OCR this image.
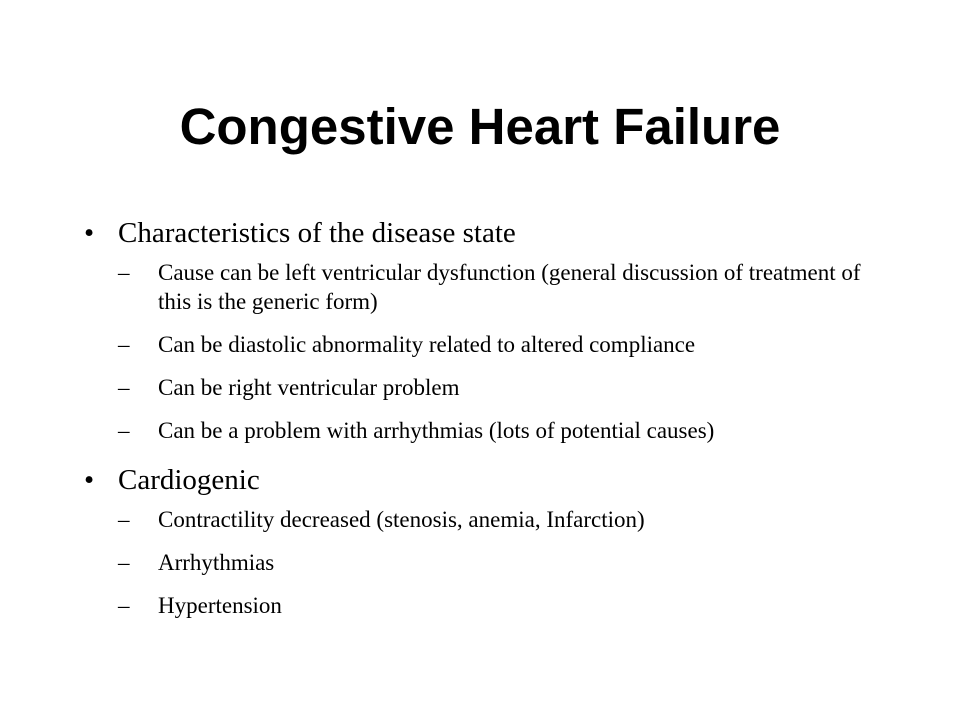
Congestive Heart Failure
• Characteristics of the disease state
– Cause can be left ventricular dysfunction (general discussion of treatment of this is the generic form)
– Can be diastolic abnormality related to altered compliance
– Can be right ventricular problem
– Can be a problem with arrhythmias (lots of potential causes)
• Cardiogenic
– Contractility decreased (stenosis, anemia, Infarction)
– Arrhythmias
– Hypertension
